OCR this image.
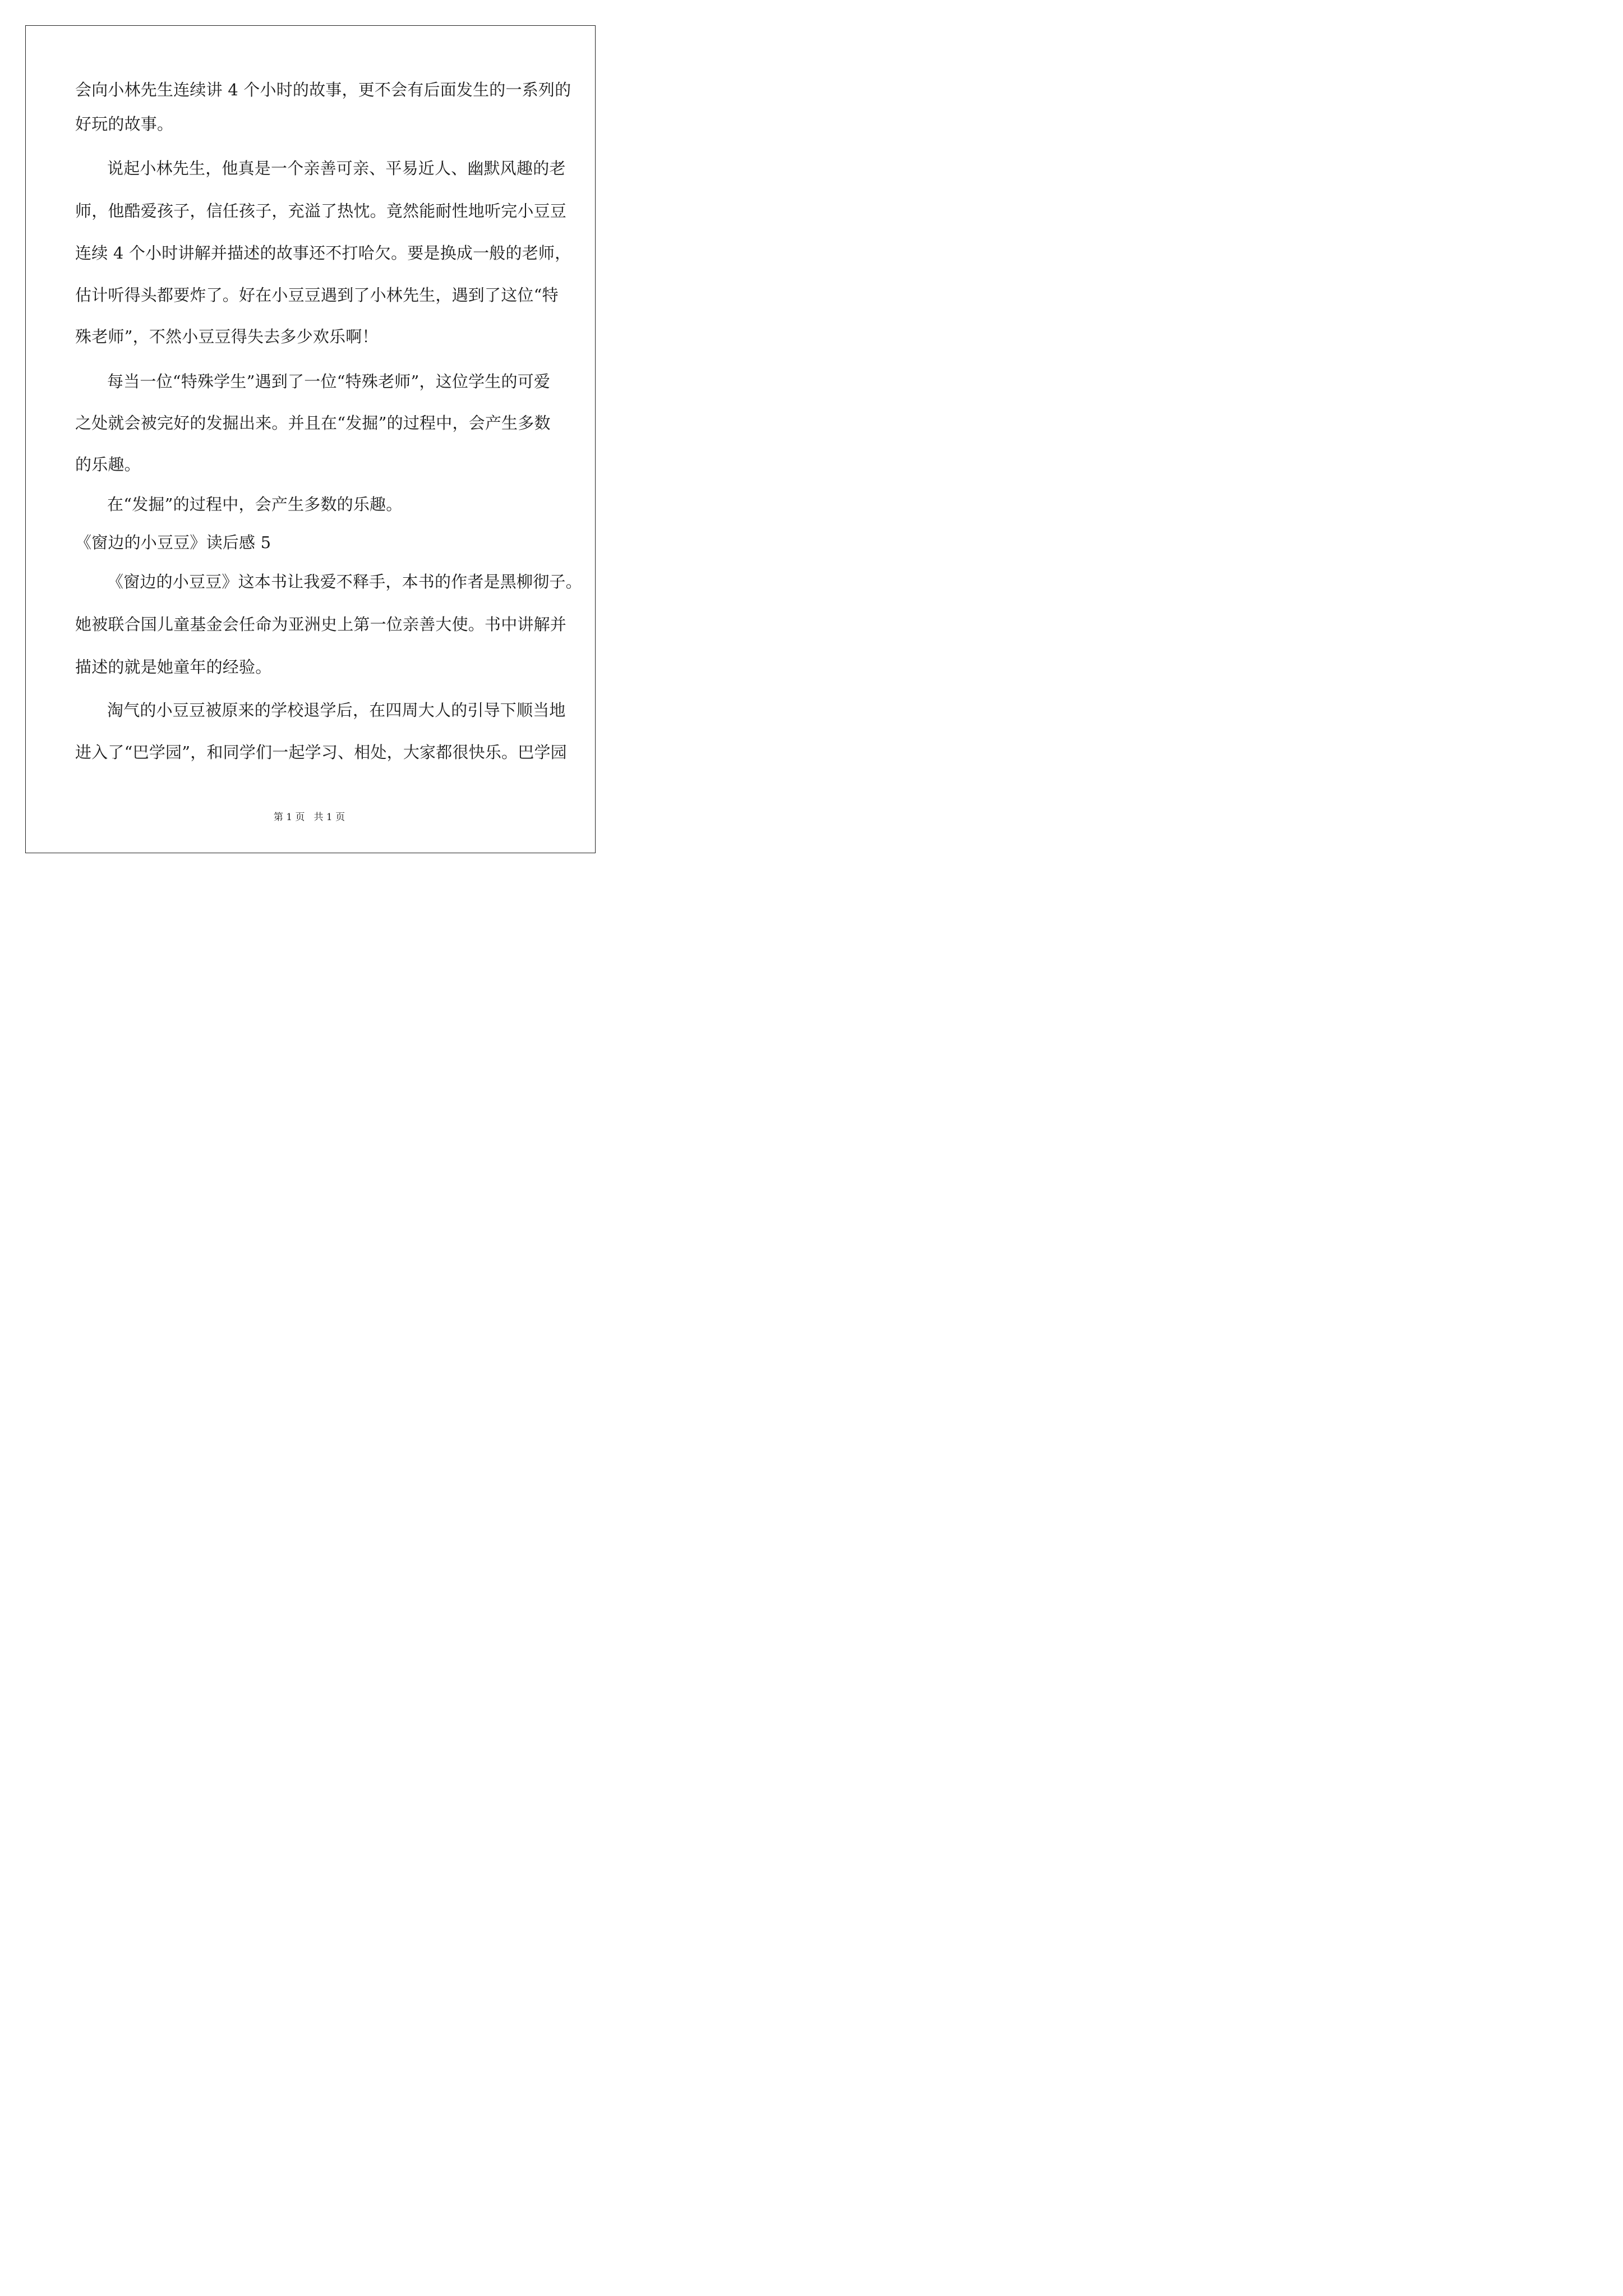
会向小林先生连续讲 4 个小时的故事，更不会有后面发生的一系列的
好玩的故事。
说起小林先生，他真是一个亲善可亲、平易近人、幽默风趣的老
师，他酷爱孩子，信任孩子，充溢了热忱。竟然能耐性地听完小豆豆
连续 4 个小时讲解并描述的故事还不打哈欠。要是换成一般的老师，
估计听得头都要炸了。好在小豆豆遇到了小林先生，遇到了这位“特
殊老师”，不然小豆豆得失去多少欢乐啊！
每当一位“特殊学生”遇到了一位“特殊老师”，这位学生的可爱
之处就会被完好的发掘出来。并且在“发掘”的过程中，会产生多数
的乐趣。
在“发掘”的过程中，会产生多数的乐趣。
《窗边的小豆豆》读后感 5
《窗边的小豆豆》这本书让我爱不释手，本书的作者是黑柳彻子。
她被联合国儿童基金会任命为亚洲史上第一位亲善大使。书中讲解并
描述的就是她童年的经验。
淘气的小豆豆被原来的学校退学后，在四周大人的引导下顺当地
进入了“巴学园”，和同学们一起学习、相处，大家都很快乐。巴学园
第 1 页 共 1 页
